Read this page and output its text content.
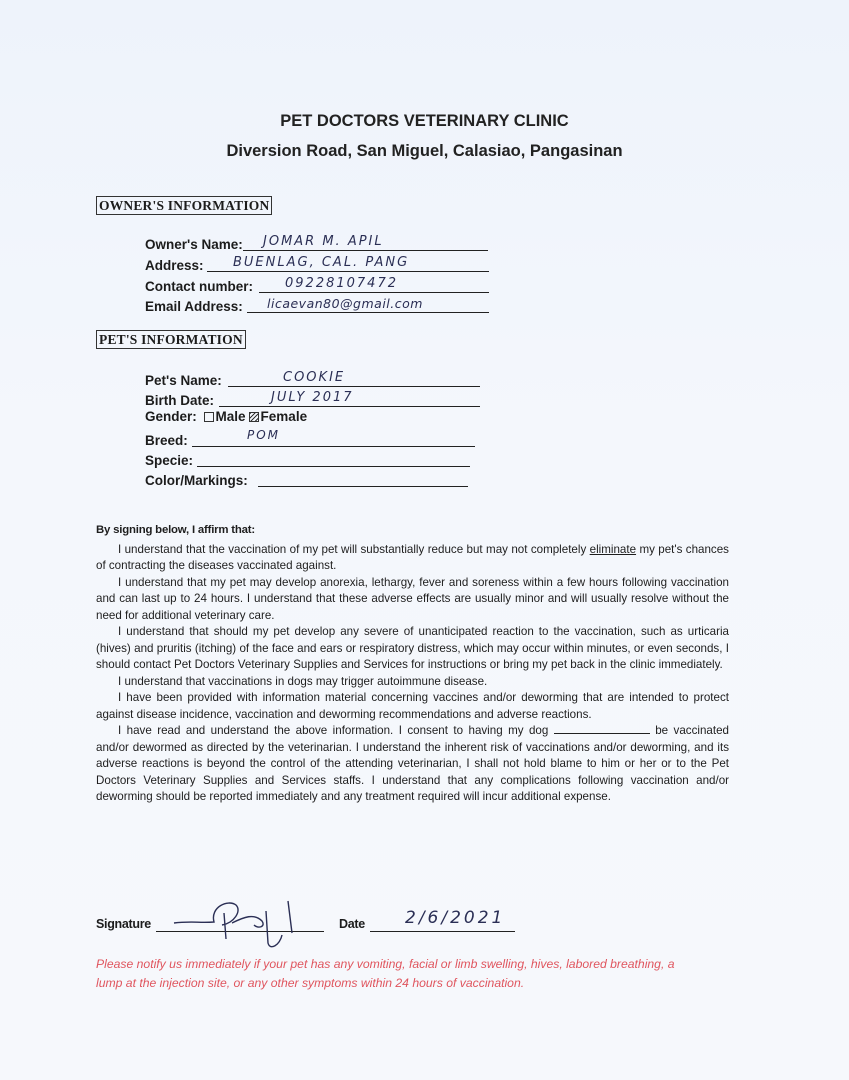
PET DOCTORS VETERINARY CLINIC
Diversion Road, San Miguel, Calasiao, Pangasinan
OWNER'S INFORMATION
Owner's Name: JOMAR M. APIL
Address: BUENLAG, CAL. PANG
Contact number: 09228107472
Email Address: licaevan80@gmail.com
PET'S INFORMATION
Pet's Name:	COOKIE
Birth Date:	JULY 2017
Gender: Male Female
Breed:	POM
Specie:
Color/Markings:

By signing below, I affirm that:

I understand that the vaccination of my pet will substantially reduce but may not completely eliminate my pet's chances of contracting the diseases vaccinated against.

I understand that my pet may develop anorexia, lethargy, fever and soreness within a few hours following vaccination and can last up to 24 hours. I understand that these adverse effects are usually minor and will usually resolve without the need for additional veterinary care.

I understand that should my pet develop any severe of unanticipated reaction to the vaccination, such as urticaria (hives) and pruritis (itching) of the face and ears or respiratory distress, which may occur within minutes, or even seconds, I should contact Pet Doctors Veterinary Supplies and Services for instructions or bring my pet back in the clinic immediately.

I understand that vaccinations in dogs may trigger autoimmune disease.

I have been provided with information material concerning vaccines and/or deworming that are intended to protect against disease incidence, vaccination and deworming recommendations and adverse reactions.

I have read and understand the above information. I consent to having my dog	be vaccinated and/or dewormed as directed by the veterinarian. I understand the inherent risk of vaccinations and/or deworming, and its adverse reactions is beyond the control of the attending veterinarian, I shall not hold blame to him or her or to the Pet Doctors Veterinary Supplies and Services staffs. I understand that any complications following vaccination and/or deworming should be reported immediately and any treatment required will incur additional expense.

Signature	Date 2/6/2021
Please notify us immediately if your pet has any vomiting, facial or limb swelling, hives, labored breathing, a lump at the injection site, or any other symptoms within 24 hours of vaccination.
